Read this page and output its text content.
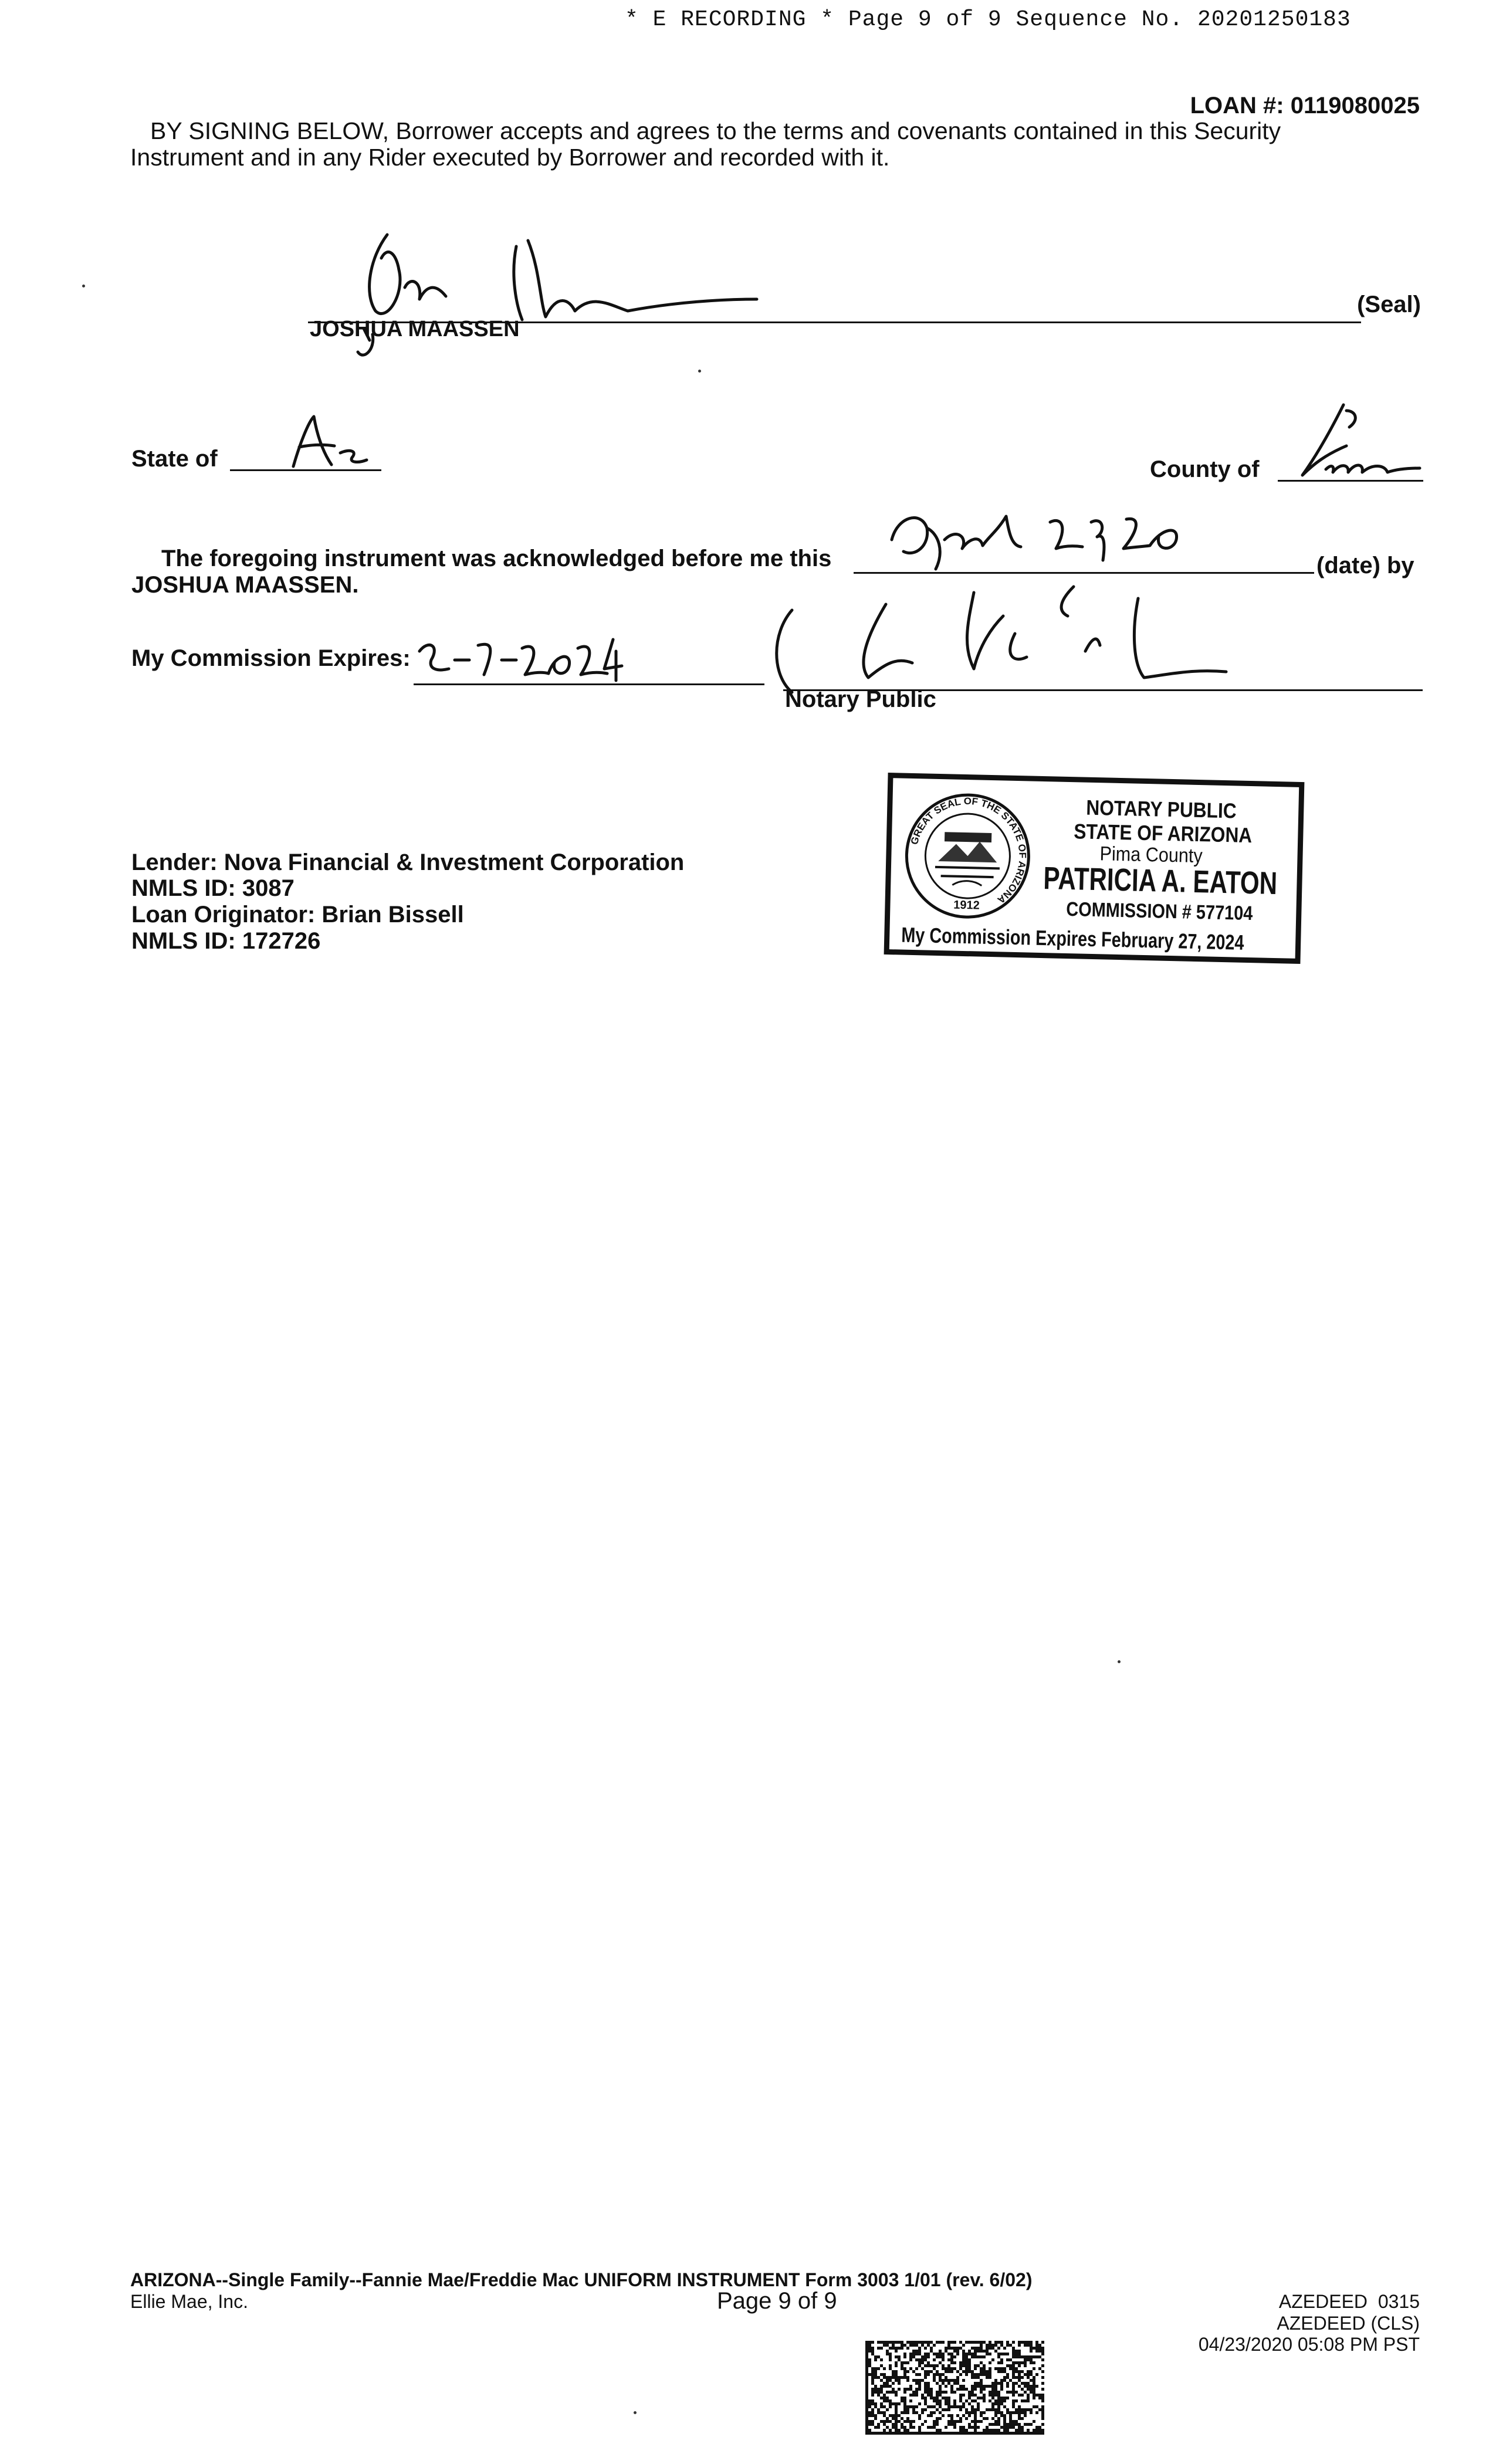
* E RECORDING * Page 9 of 9 Sequence No. 20201250183
LOAN #: 0119080025
BY SIGNING BELOW, Borrower accepts and agrees to the terms and covenants contained in this Security
Instrument and in any Rider executed by Borrower and recorded with it.
JOSHUA MAASSEN
(Seal)
State of	County of
The foregoing instrument was acknowledged before me this	(date) by
JOSHUA MAASSEN.
My Commission Expires:
Notary Public
GREAT SEAL OF THE STATE OF ARIZONA
1912
NOTARY PUBLIC
STATE OF ARIZONA
Pima County
PATRICIA A. EATON
COMMISSION # 577104
My Commission Expires February 27, 2024
Lender: Nova Financial & Investment Corporation
NMLS ID: 3087
Loan Originator: Brian Bissell
NMLS ID: 172726
ARIZONA--Single Family--Fannie Mae/Freddie Mac UNIFORM INSTRUMENT Form 3003 1/01 (rev. 6/02)
Ellie Mae, Inc.	Page 9 of 9	AZEDEED  0315
AZEDEED (CLS)
04/23/2020 05:08 PM PST
